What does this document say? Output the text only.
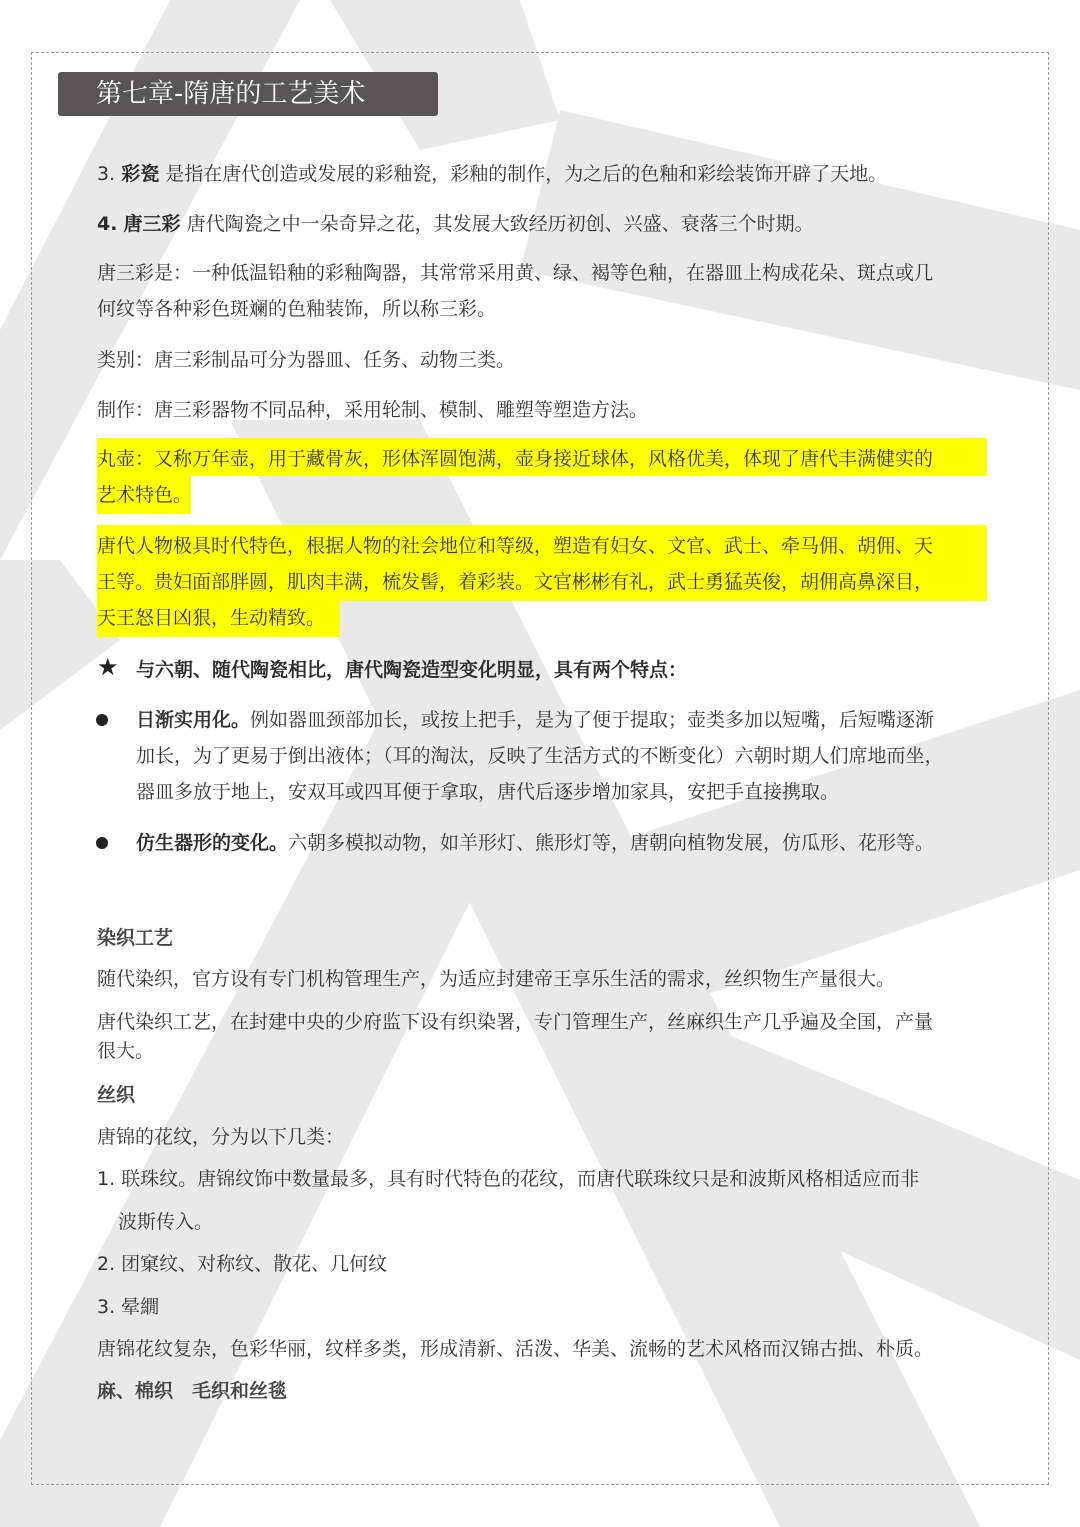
第七章-隋唐的工艺美术
3. 彩瓷 是指在唐代创造或发展的彩釉瓷，彩釉的制作，为之后的色釉和彩绘装饰开辟了天地。
4. 唐三彩 唐代陶瓷之中一朵奇异之花，其发展大致经历初创、兴盛、衰落三个时期。
唐三彩是：一种低温铅釉的彩釉陶器，其常常采用黄、绿、褐等色釉，在器皿上构成花朵、斑点或几
何纹等各种彩色斑斓的色釉装饰，所以称三彩。
类别：唐三彩制品可分为器皿、任务、动物三类。
制作：唐三彩器物不同品种，采用轮制、模制、雕塑等塑造方法。
丸壶：又称万年壶，用于藏骨灰，形体浑圆饱满，壶身接近球体，风格优美，体现了唐代丰满健实的
艺术特色。
唐代人物极具时代特色，根据人物的社会地位和等级，塑造有妇女、文官、武士、牵马佣、胡佣、天
王等。贵妇面部胖圆，肌肉丰满，梳发髻，着彩装。文官彬彬有礼，武士勇猛英俊，胡佣高鼻深目，
天王怒目凶狠，生动精致。
★ 与六朝、随代陶瓷相比，唐代陶瓷造型变化明显，具有两个特点：
日渐实用化。例如器皿颈部加长，或按上把手，是为了便于提取；壶类多加以短嘴，后短嘴逐渐
加长，为了更易于倒出液体；（耳的淘汰，反映了生活方式的不断变化）六朝时期人们席地而坐，
器皿多放于地上，安双耳或四耳便于拿取，唐代后逐步增加家具，安把手直接携取。
仿生器形的变化。六朝多模拟动物，如羊形灯、熊形灯等，唐朝向植物发展，仿瓜形、花形等。
染织工艺
随代染织，官方设有专门机构管理生产，为适应封建帝王享乐生活的需求，丝织物生产量很大。
唐代染织工艺，在封建中央的少府监下设有织染署，专门管理生产，丝麻织生产几乎遍及全国，产量
很大。
丝织
唐锦的花纹，分为以下几类：
1. 联珠纹。唐锦纹饰中数量最多，具有时代特色的花纹，而唐代联珠纹只是和波斯风格相适应而非
波斯传入。
2. 团窠纹、对称纹、散花、几何纹
3. 晕繝
唐锦花纹复杂，色彩华丽，纹样多类，形成清新、活泼、华美、流畅的艺术风格而汉锦古拙、朴质。
麻、棉织　毛织和丝毯
